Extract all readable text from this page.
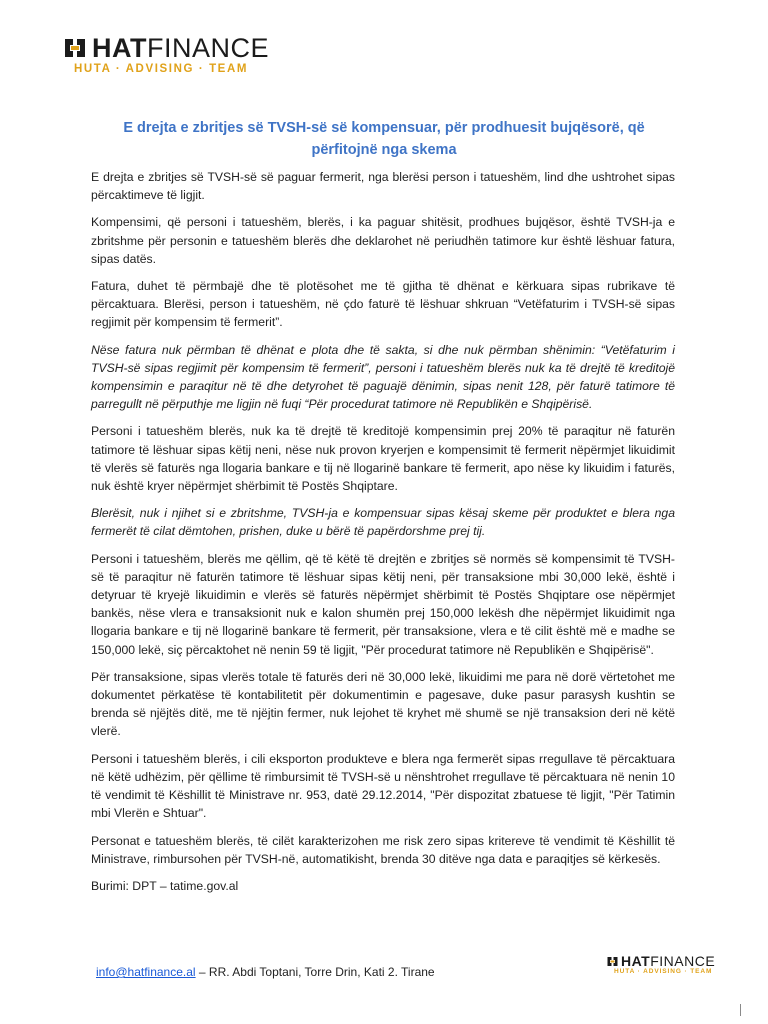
HATFINANCE
HUTA · ADVISING · TEAM
E drejta e zbritjes së TVSH-së së kompensuar, për prodhuesit bujqësorë, që përfitojnë nga skema

E drejta e zbritjes së TVSH-së së paguar fermerit, nga blerësi person i tatueshëm, lind dhe ushtrohet sipas përcaktimeve të ligjit.

Kompensimi, që personi i tatueshëm, blerës, i ka paguar shitësit, prodhues bujqësor, është TVSH-ja e zbritshme për personin e tatueshëm blerës dhe deklarohet në periudhën tatimore kur është lëshuar fatura, sipas datës.

Fatura, duhet të përmbajë dhe të plotësohet me të gjitha të dhënat e kërkuara sipas rubrikave të përcaktuara. Blerësi, person i tatueshëm, në çdo faturë të lëshuar shkruan “Vetëfaturim i TVSH-së sipas regjimit për kompensim të fermerit”.

Nëse fatura nuk përmban të dhënat e plota dhe të sakta, si dhe nuk përmban shënimin: “Vetëfaturim i TVSH-së sipas regjimit për kompensim të fermerit”, personi i tatueshëm blerës nuk ka të drejtë të kreditojë kompensimin e paraqitur në të dhe detyrohet të paguajë dënimin, sipas nenit 128, për faturë tatimore të parregullt në përputhje me ligjin në fuqi “Për procedurat tatimore në Republikën e Shqipërisë.

Personi i tatueshëm blerës, nuk ka të drejtë të kreditojë kompensimin prej 20% të paraqitur në faturën tatimore të lëshuar sipas këtij neni, nëse nuk provon kryerjen e kompensimit të fermerit nëpërmjet likuidimit të vlerës së faturës nga llogaria bankare e tij në llogarinë bankare të fermerit, apo nëse ky likuidim i faturës, nuk është kryer nëpërmjet shërbimit të Postës Shqiptare.

Blerësit, nuk i njihet si e zbritshme, TVSH-ja e kompensuar sipas kësaj skeme për produktet e blera nga fermerët të cilat dëmtohen, prishen, duke u bërë të papërdorshme prej tij.

Personi i tatueshëm, blerës me qëllim, që të këtë të drejtën e zbritjes së normës së kompensimit të TVSH-së të paraqitur në faturën tatimore të lëshuar sipas këtij neni, për transaksione mbi 30,000 lekë, është i detyruar të kryejë likuidimin e vlerës së faturës nëpërmjet shërbimit të Postës Shqiptare ose nëpërmjet bankës, nëse vlera e transaksionit nuk e kalon shumën prej 150,000 lekësh dhe nëpërmjet likuidimit nga llogaria bankare e tij në llogarinë bankare të fermerit, për transaksione, vlera e të cilit është më e madhe se 150,000 lekë, siç përcaktohet në nenin 59 të ligjit, "Për procedurat tatimore në Republikën e Shqipërisë".

Për transaksione, sipas vlerës totale të faturës deri në 30,000 lekë, likuidimi me para në dorë vërtetohet me dokumentet përkatëse të kontabilitetit për dokumentimin e pagesave, duke pasur parasysh kushtin se brenda së njëjtës ditë, me të njëjtin fermer, nuk lejohet të kryhet më shumë se një transaksion deri në këtë vlerë.

Personi i tatueshëm blerës, i cili eksporton produkteve e blera nga fermerët sipas rregullave të përcaktuara në këtë udhëzim, për qëllime të rimbursimit të TVSH-së u nënshtrohet rregullave të përcaktuara në nenin 10 të vendimit të Këshillit të Ministrave nr. 953, datë 29.12.2014, "Për dispozitat zbatuese të ligjit, "Për Tatimin mbi Vlerën e Shtuar".

Personat e tatueshëm blerës, të cilët karakterizohen me risk zero sipas kritereve të vendimit të Këshillit të Ministrave, rimbursohen për TVSH-në, automatikisht, brenda 30 ditëve nga data e paraqitjes së kërkesës.

Burimi: DPT – tatime.gov.al

info@hatfinance.al – RR. Abdi Toptani, Torre Drin, Kati 2. Tirane
HATFINANCE
HUTA · ADVISING · TEAM
